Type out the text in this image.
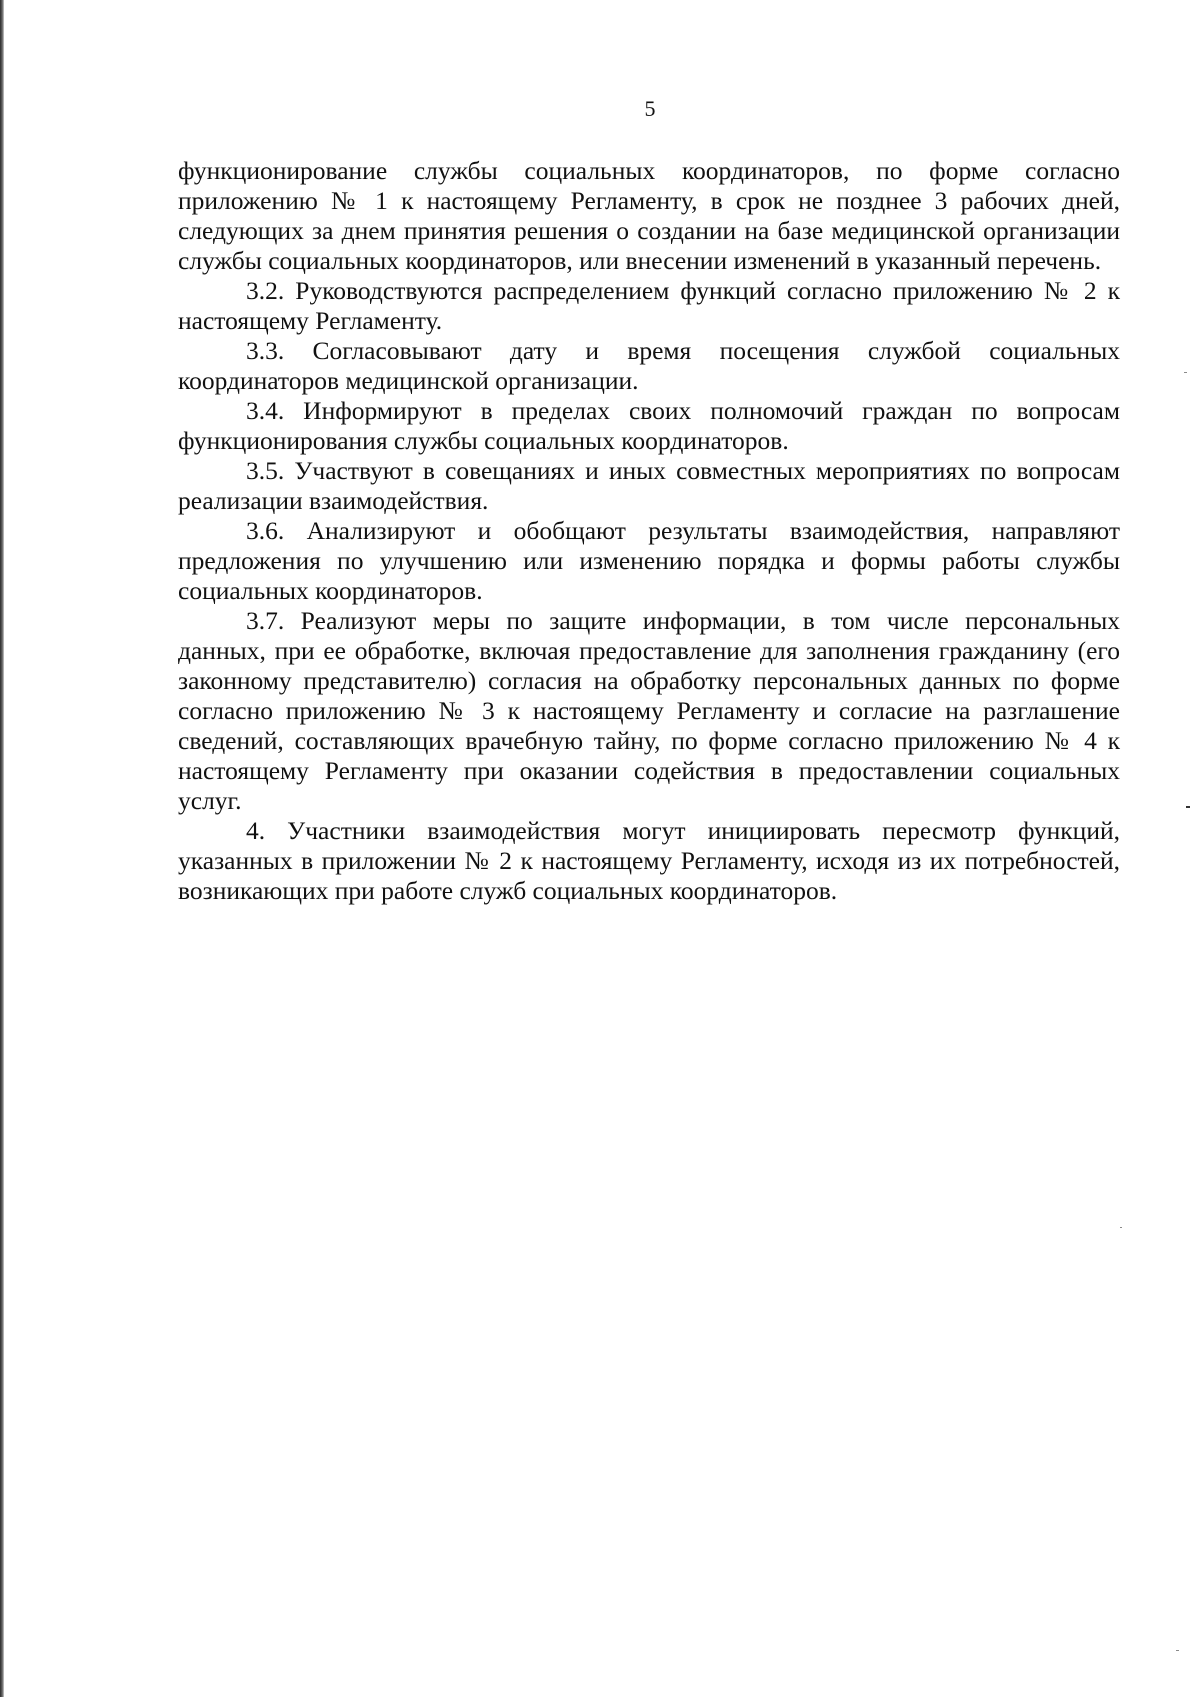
5

функционирование службы социальных координаторов, по форме согласно приложению № 1 к настоящему Регламенту, в срок не позднее 3 рабочих дней, следующих за днем принятия решения о создании на базе медицинской организации службы социальных координаторов, или внесении изменений в указанный перечень.

3.2. Руководствуются распределением функций согласно приложению № 2 к настоящему Регламенту.

3.3. Согласовывают дату и время посещения службой социальных координаторов медицинской организации.

3.4. Информируют в пределах своих полномочий граждан по вопросам функционирования службы социальных координаторов.

3.5. Участвуют в совещаниях и иных совместных мероприятиях по вопросам реализации взаимодействия.

3.6. Анализируют и обобщают результаты взаимодействия, направляют предложения по улучшению или изменению порядка и формы работы службы социальных координаторов.

3.7. Реализуют меры по защите информации, в том числе персональных данных, при ее обработке, включая предоставление для заполнения гражданину (его законному представителю) согласия на обработку персональных данных по форме согласно приложению № 3 к настоящему Регламенту и согласие на разглашение сведений, составляющих врачебную тайну, по форме согласно приложению № 4 к настоящему Регламенту при оказании содействия в предоставлении социальных услуг.

4. Участники взаимодействия могут инициировать пересмотр функций, указанных в приложении № 2 к настоящему Регламенту, исходя из их потребностей, возникающих при работе служб социальных координаторов.
